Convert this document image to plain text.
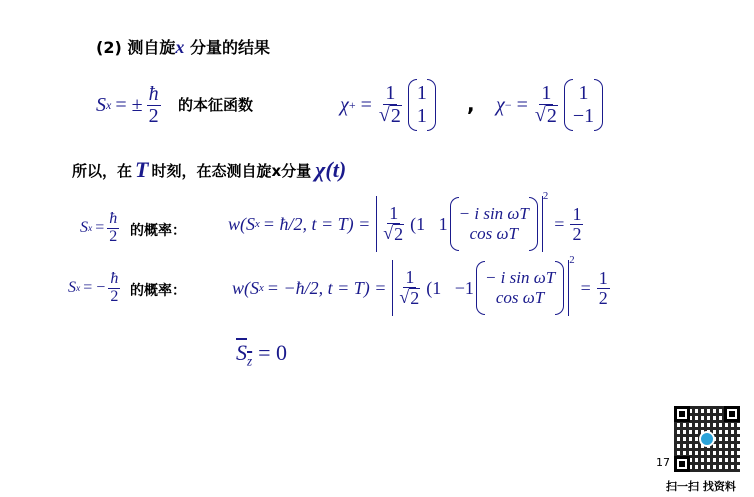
(2) 测自旋x 分量的结果
S x = ± $\frac{ħ}{2}$ 的本征函数	χ + = $\frac{1}{√ 2} 1$
1 , χ − = $\frac{1}{√ 2} 1$
−1
所以，在 T 时刻，在态测自旋x分量 χ(t)
S $x = \frac{ħ}{2}$ 的概率： w(S x = ħ/2, $t = T) = \frac{1}{√ 2} (1$ 1 − i sin ωT
cos ωT
$^2$
= $\frac{1}{2}$
S x = − $\frac{ħ}{2}$ 的概率：	w(S x = −ħ/2, $t = T) = \frac{1}{√ 2} (1 -1 - i$ sin ωT
cos ωT
$^2$
= $\frac{1}{2}$
$S_z = 0$
17
扫一扫 找资料
